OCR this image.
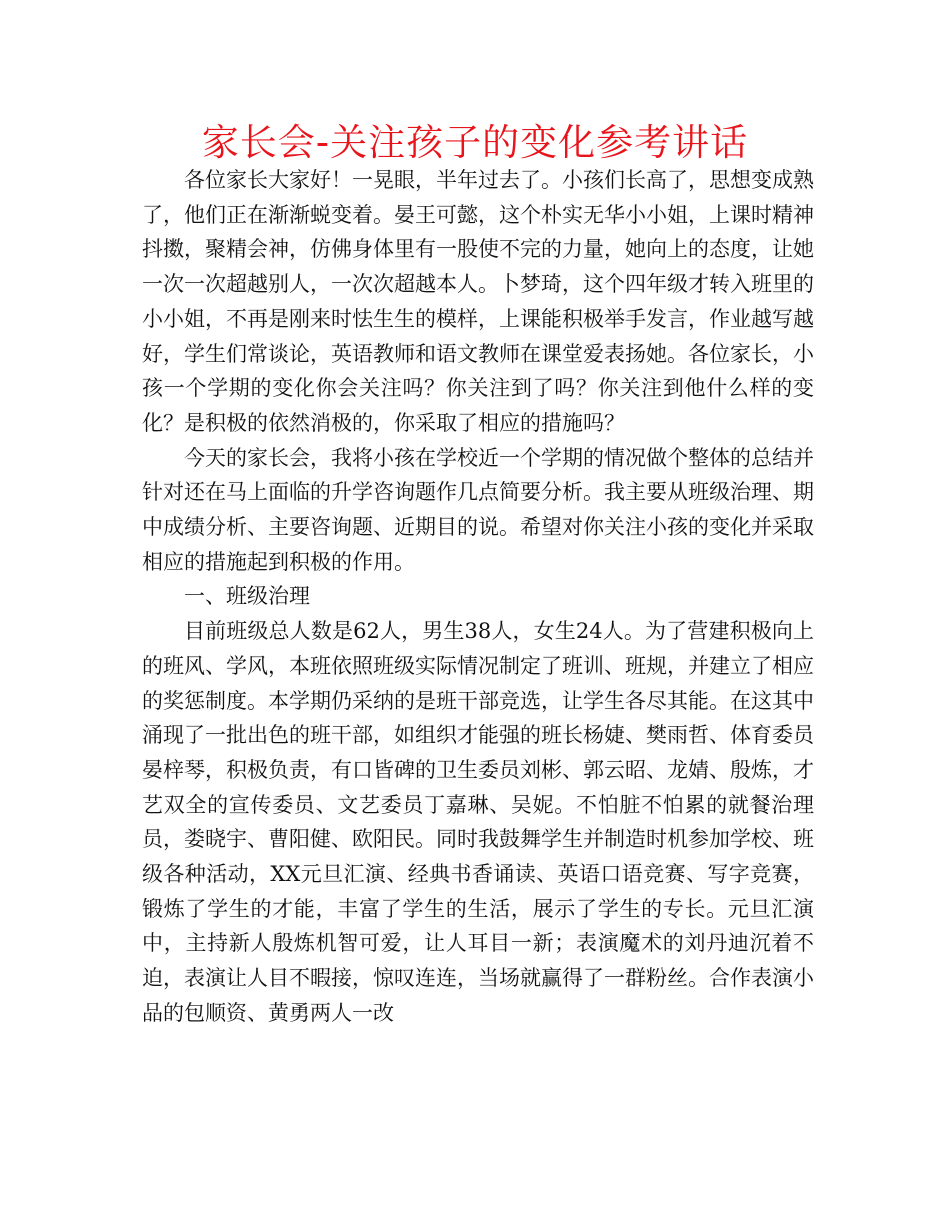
家长会-关注孩子的变化参考讲话

各位家长大家好！一晃眼，半年过去了。小孩们长高了，思想变成熟了，他们正在渐渐蜕变着。晏王可懿，这个朴实无华小小姐，上课时精神抖擞，聚精会神，仿佛身体里有一股使不完的力量，她向上的态度，让她一次一次超越别人，一次次超越本人。卜梦琦，这个四年级才转入班里的小小姐，不再是刚来时怯生生的模样，上课能积极举手发言，作业越写越好，学生们常谈论，英语教师和语文教师在课堂爱表扬她。各位家长，小孩一个学期的变化你会关注吗？你关注到了吗？你关注到他什么样的变化？是积极的依然消极的，你采取了相应的措施吗？

今天的家长会，我将小孩在学校近一个学期的情况做个整体的总结并针对还在马上面临的升学咨询题作几点简要分析。我主要从班级治理、期中成绩分析、主要咨询题、近期目的说。希望对你关注小孩的变化并采取相应的措施起到积极的作用。

一、班级治理

目前班级总人数是62人，男生38人，女生24人。为了营建积极向上的班风、学风，本班依照班级实际情况制定了班训、班规，并建立了相应的奖惩制度。本学期仍采纳的是班干部竞选，让学生各尽其能。在这其中涌现了一批出色的班干部，如组织才能强的班长杨婕、樊雨哲、体育委员晏梓琴，积极负责，有口皆碑的卫生委员刘彬、郭云昭、龙婧、殷炼，才艺双全的宣传委员、文艺委员丁嘉琳、吴妮。不怕脏不怕累的就餐治理员，娄晓宇、曹阳健、欧阳民。同时我鼓舞学生并制造时机参加学校、班级各种活动，XX元旦汇演、经典书香诵读、英语口语竞赛、写字竞赛，锻炼了学生的才能，丰富了学生的生活，展示了学生的专长。元旦汇演中，主持新人殷炼机智可爱，让人耳目一新；表演魔术的刘丹迪沉着不迫，表演让人目不暇接，惊叹连连，当场就赢得了一群粉丝。合作表演小品的包顺资、黄勇两人一改
